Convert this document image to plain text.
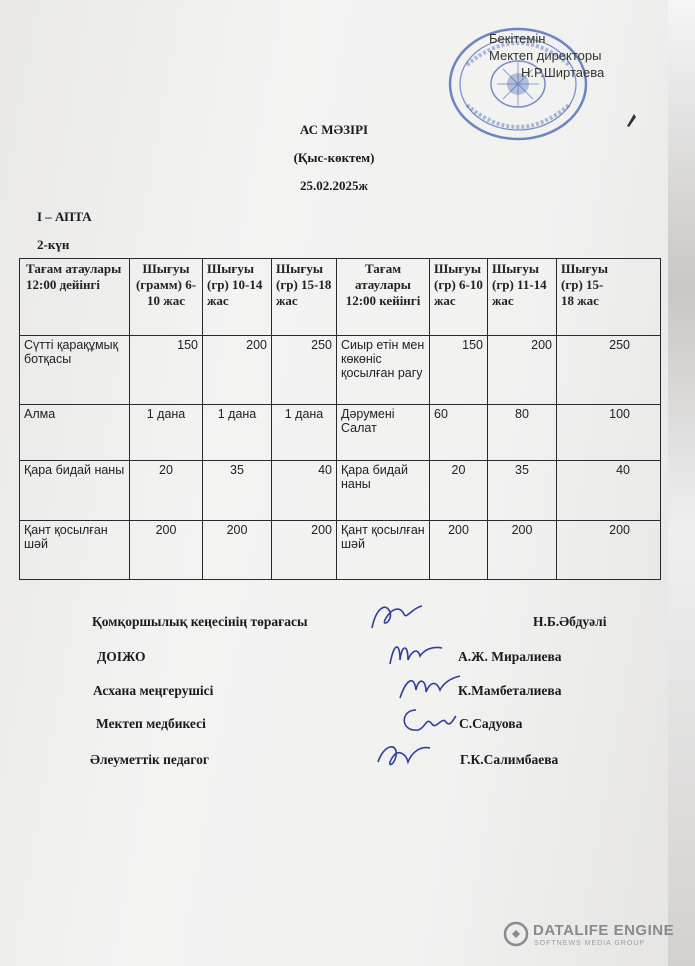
Бекітемін
Мектеп директоры
Н.Р.Ширтаева
АС МӘЗІРІ
(Қыс-көктем)
25.02.2025ж
І – АПТА
2-күн
Тағам атаулары 12:00 дейінгі	Шығуы (грамм) 6-10 жас	Шығуы (гр) 10-14 жас	Шығуы (гр) 15-18 жас	Тағам атаулары 12:00 кейінгі	Шығуы (гр) 6-10 жас	Шығуы (гр) 11-14 жас	Шығуы (гр) 15-18 жас
Сүтті қарақұмық ботқасы	150	200	250	Сиыр етін мен көкөніс қосылған рагу	150	200	250
Алма	1 дана	1 дана	1 дана	Дәрумені Салат	60	80	100
Қара бидай наны	20	35	40	Қара бидай наны	20	35	40
Қант қосылған шәй	200	200	200	Қант қосылған шәй	200	200	200
Қомқоршылық кеңесінің төрағасы	Н.Б.Әбдуәлі
ДОІЖО	А.Ж. Миралиева
Асхана меңгерушісі	К.Мамбеталиева
Мектеп медбикесі	С.Садуова
Әлеуметтік педагог	Г.К.Салимбаева
DATALIFE ENGINE
SOFTNEWS MEDIA GROUP
